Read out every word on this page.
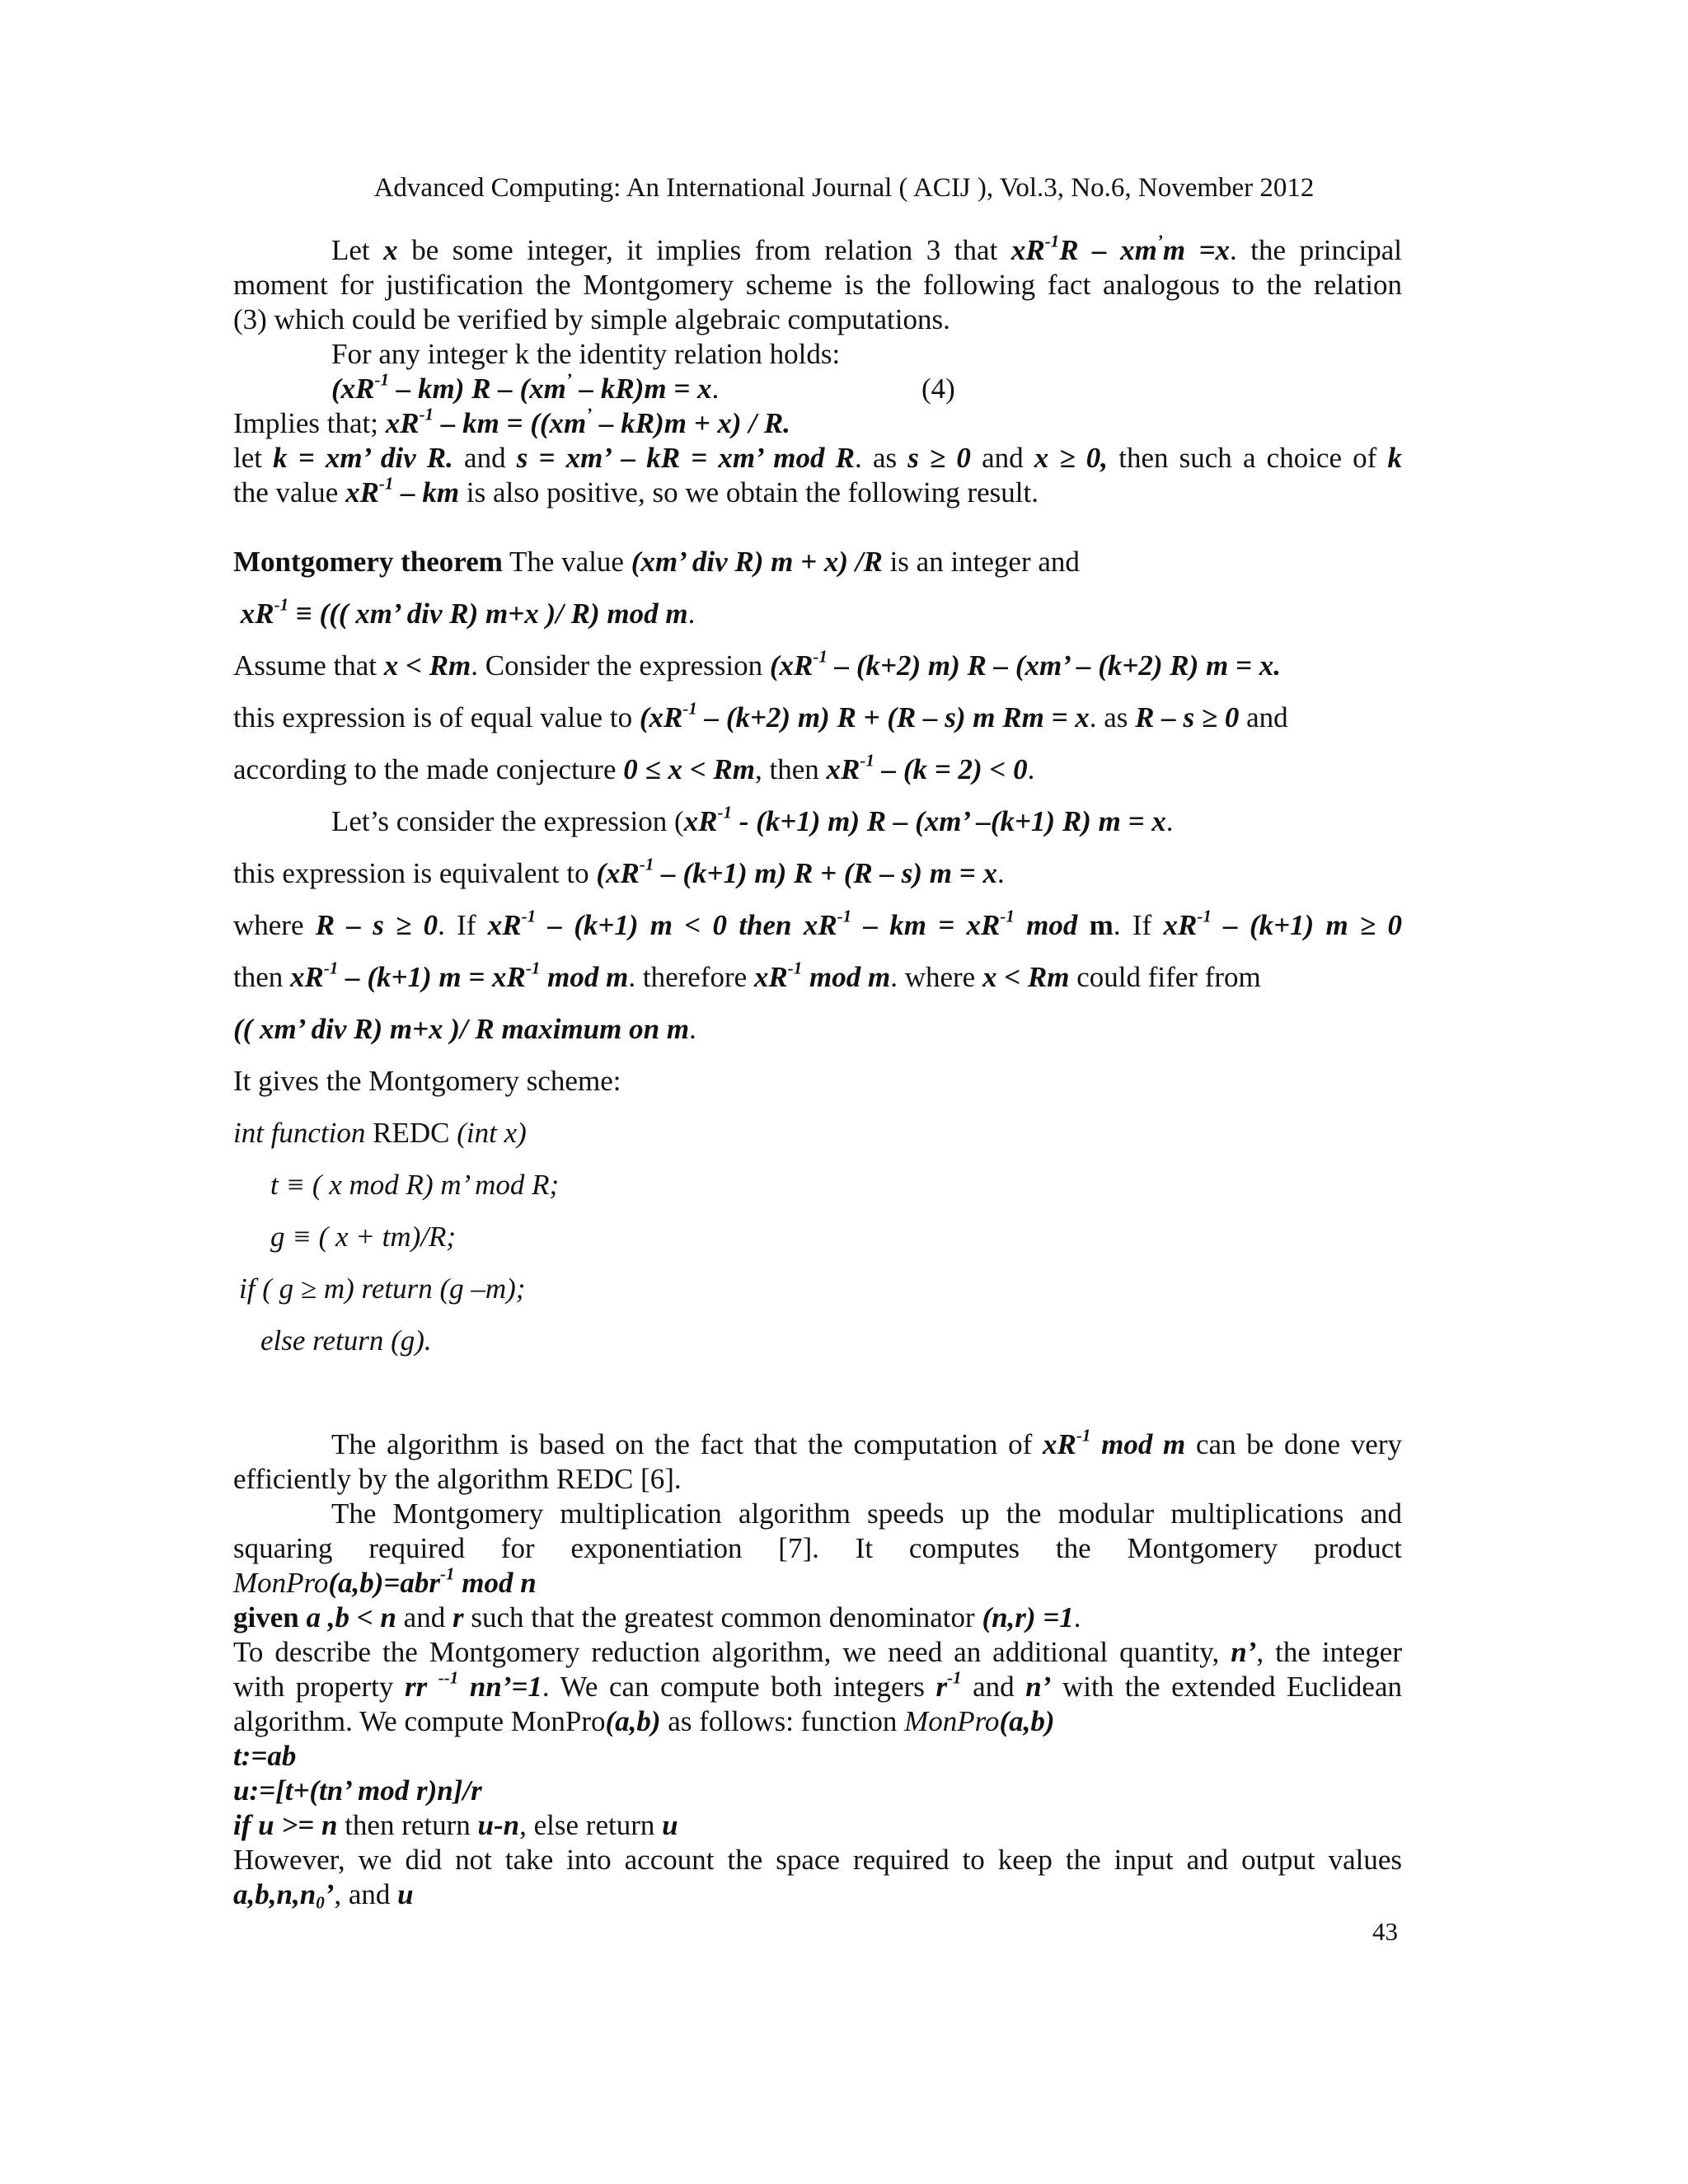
Advanced Computing: An International Journal ( ACIJ ), Vol.3, No.6, November 2012
Let x be some integer, it implies from relation 3 that $xR^{-1}R - xm^’m =x$. the principal
moment for justification the Montgomery scheme is the following fact analogous to the relation
(3) which could be verified by simple algebraic computations.
For any integer k the identity relation holds:
$(xR^{-1} - km)$ R – (xm’ – kR)m = x.	(4)
Implies that; $xR^{-1}$ – km = ((xm’ – kR)m + x) / R.
let k = xm’ div R. and s = xm’ – kR = xm’ mod R. as s ≥ 0 and x ≥ 0, then such a choice of k
the value $xR^{-1}$ – km is also positive, so we obtain the following result.
Montgomery theorem The value (xm’ div R) m + x) /R is an integer and
$xR^{-1}$ ≡ ((( xm’ div R) m+x )/ R) mod m.
Assume that x < Rm. Consider the expression ($xR^{-1} - (k+2)$ m) R – (xm’ – (k+2) R) m = x.
this expression is of equal value to ($xR^{-1} - (k+2)$ m) R + (R – s) m Rm = x. as R – s ≥ 0 and
according to the made conjecture 0 ≤ x < Rm, then $xR^{-1} - (k = 2) < 0$.
Let’s consider the expression ($xR^{-1} - (k+1)$ m) R – (xm’ –(k+1) R) m = x.
this expression is equivalent to ($xR^{-1} - (k+1)$ m) R + (R – s) m = x.
where R – s ≥ 0. If $xR^{-1} - (k+1) m < 0$ then $xR^{-1}$ – km = $xR^{-1}$ mod m. If $xR^{-1} - (k+1) m \ge 0$
then $xR^{-1} - (k+1) m = xR^{-1}$ mod m. therefore $xR^{-1}$ mod m. where x < Rm could fifer from
(( xm’ div R) m+x )/ R maximum on m.
It gives the Montgomery scheme:
int function REDC (int x)
t ≡ ( x mod R) m’ mod R;
g ≡ ( x + tm)/R;
if ( g ≥ m) return (g –m);
else return (g).
The algorithm is based on the fact that the computation of $xR^{-1}$ mod m can be done very
efficiently by the algorithm REDC [6].
The Montgomery multiplication algorithm speeds up the modular multiplications and
squaring required for exponentiation [7]. It computes the Montgomery product
MonPro(a,b)=abr$^{-1}$ mod n
given a ,b < n and r such that the greatest common denominator (n,r) =1.
To describe the Montgomery reduction algorithm, we need an additional quantity, n’, the integer
with property rr $^{--1}$ nn’=1. We can compute both integers $r^{-1}$ and n’ with the extended Euclidean
algorithm. We compute MonPro(a,b) as follows: function MonPro(a,b)
t:=ab
u:=[t+(tn’ mod r)n]/r
if u >= n then return u-n, else return u
However, we did not take into account the space required to keep the input and output values
$a,b,n,n_0$’, and u
43
